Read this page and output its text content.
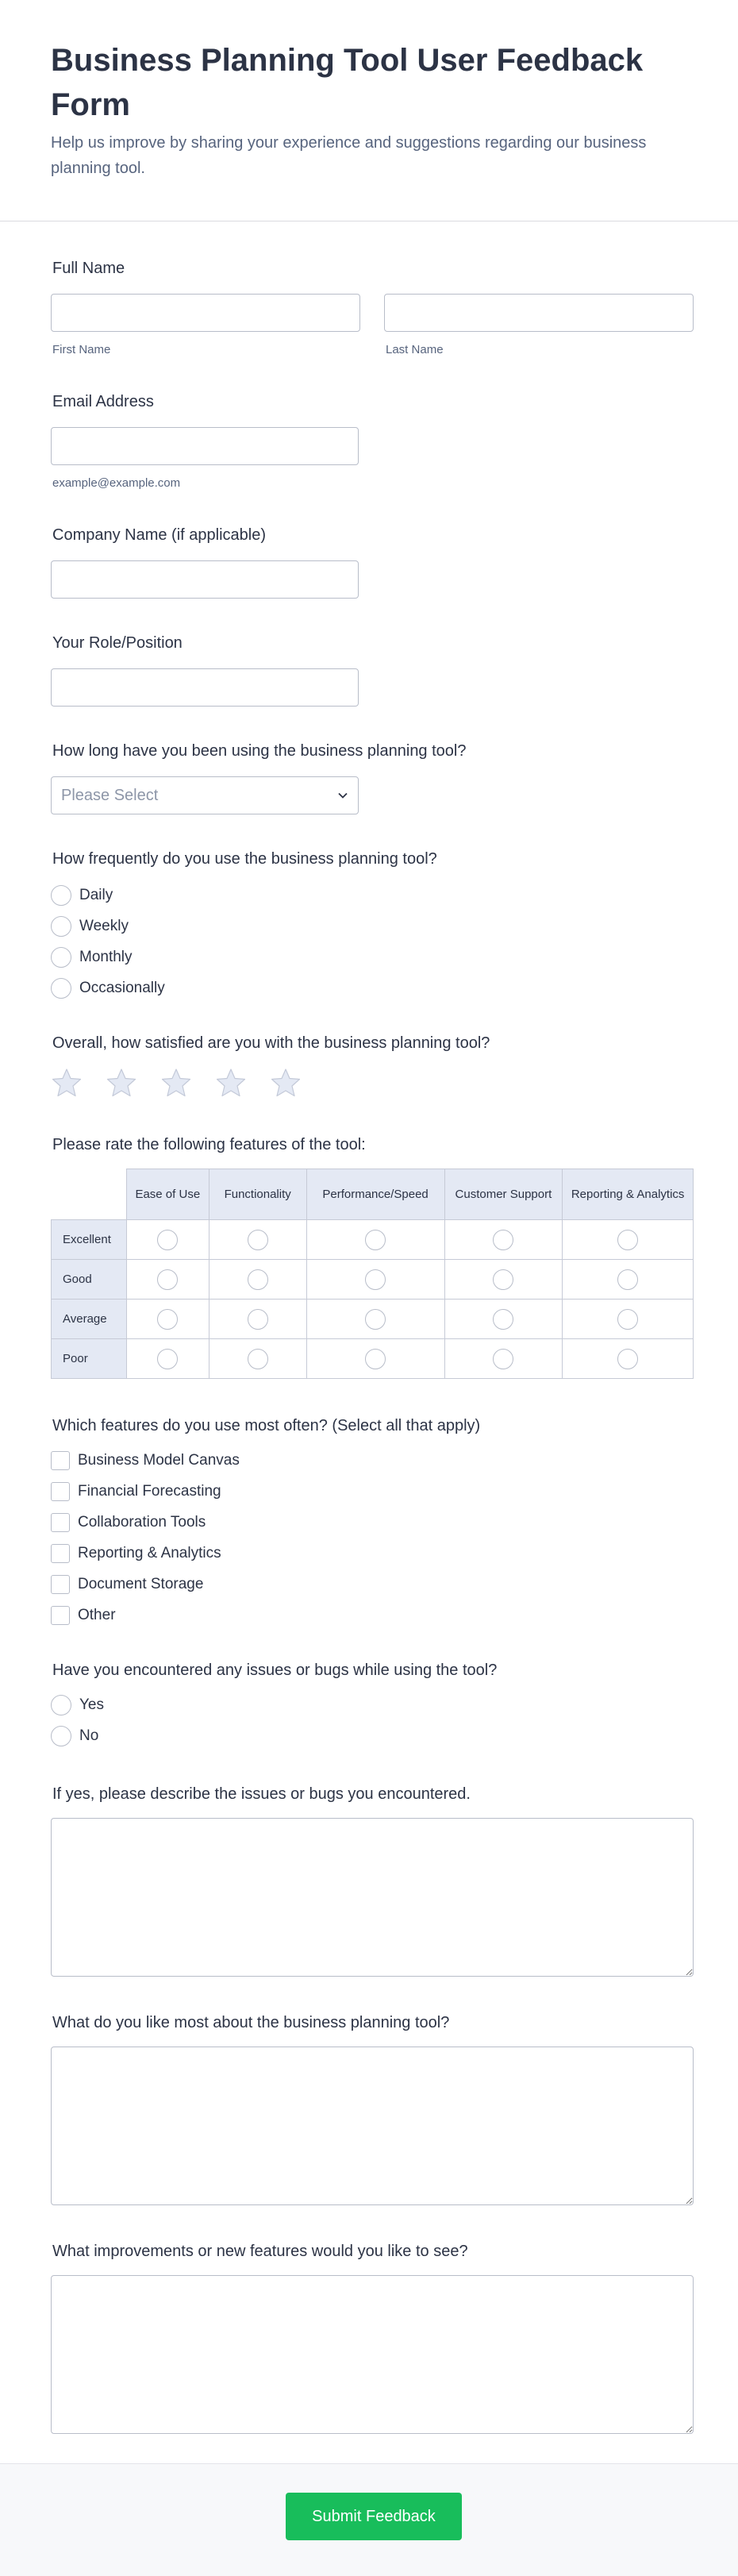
Business Planning Tool User Feedback Form

Help us improve by sharing your experience and suggestions regarding our business planning tool.

Full Name
First Name	Last Name
Email Address
example@example.com
Company Name (if applicable)
Your Role/Position
How long have you been using the business planning tool?
Please Select
How frequently do you use the business planning tool?
Daily
Weekly
Monthly
Occasionally
Overall, how satisfied are you with the business planning tool?
Please rate the following features of the tool:
	Ease of Use	Functionality	Performance/Speed	Customer Support	Reporting & Analytics
Excellent					
Good					
Average					
Poor					
Which features do you use most often? (Select all that apply)
Business Model Canvas
Financial Forecasting
Collaboration Tools
Reporting & Analytics
Document Storage
Other
Have you encountered any issues or bugs while using the tool?
Yes
No
If yes, please describe the issues or bugs you encountered.
What do you like most about the business planning tool?
What improvements or new features would you like to see?
Submit Feedback
